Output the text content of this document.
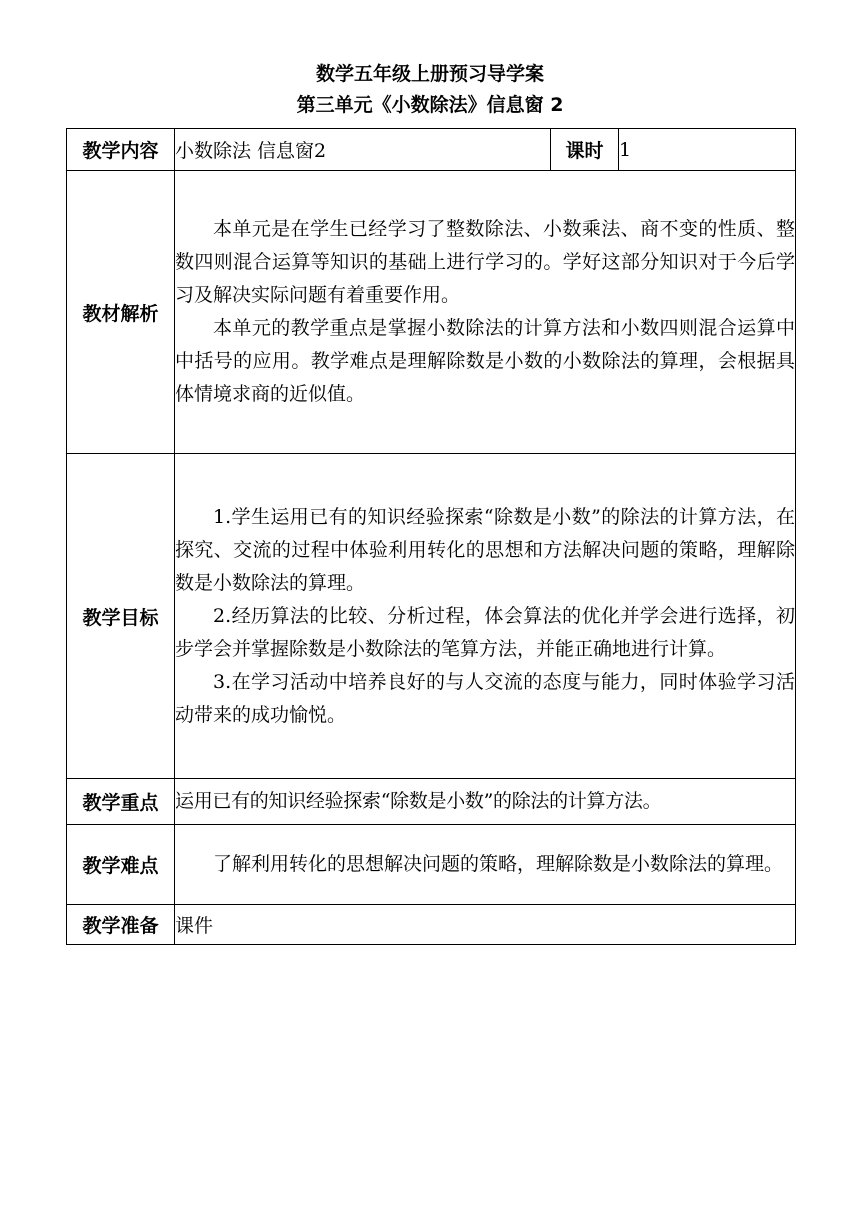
数学五年级上册预习导学案
第三单元《小数除法》信息窗 2
教学内容	小数除法 信息窗2	课时	1
教材解析	本单元是在学生已经学习了整数除法、小数乘法、商不变的性质、整数四则混合运算等知识的基础上进行学习的。学好这部分知识对于今后学习及解决实际问题有着重要作用。

本单元的教学重点是掌握小数除法的计算方法和小数四则混合运算中中括号的应用。教学难点是理解除数是小数的小数除法的算理，会根据具体情境求商的近似值。		

教学目标	1.学生运用已有的知识经验探索“除数是小数”的除法的计算方法，在探究、交流的过程中体验利用转化的思想和方法解决问题的策略，理解除数是小数除法的算理。

2.经历算法的比较、分析过程，体会算法的优化并学会进行选择，初步学会并掌握除数是小数除法的笔算方法，并能正确地进行计算。

3.在学习活动中培养良好的与人交流的态度与能力，同时体验学习活动带来的成功愉悦。		

教学重点	运用已有的知识经验探索“除数是小数”的除法的计算方法。		

教学难点	了解利用转化的思想解决问题的策略，理解除数是小数除法的算理。		

教学准备	课件		
